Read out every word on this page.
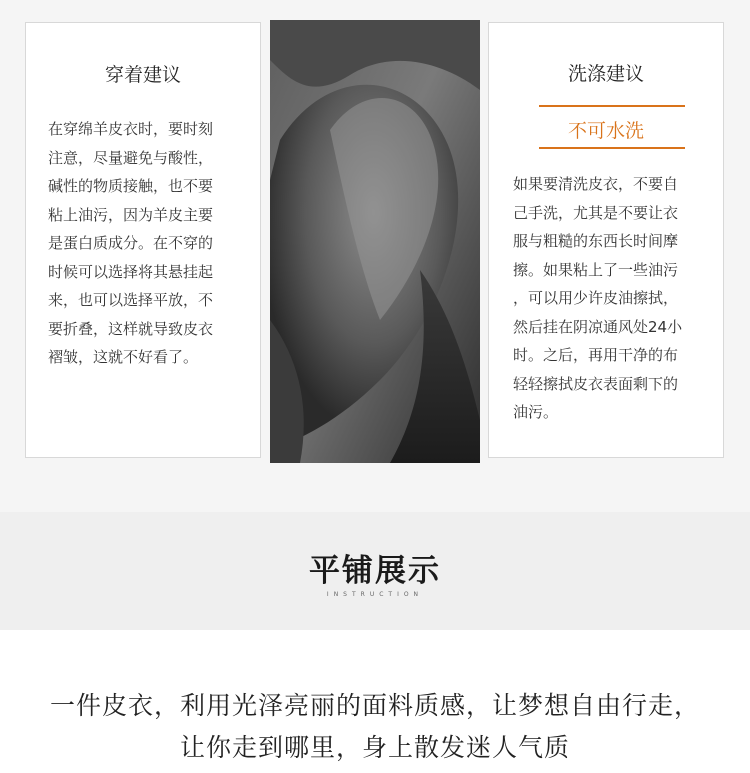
穿着建议
在穿绵羊皮衣时，要时刻
注意，尽量避免与酸性，
碱性的物质接触，也不要
粘上油污，因为羊皮主要
是蛋白质成分。在不穿的
时候可以选择将其悬挂起
来，也可以选择平放，不
要折叠，这样就导致皮衣
褶皱，这就不好看了。
洗涤建议
不可水洗
如果要清洗皮衣，不要自
己手洗，尤其是不要让衣
服与粗糙的东西长时间摩
擦。如果粘上了一些油污
，可以用少许皮油擦拭，
然后挂在阴凉通风处24小
时。之后，再用干净的布
轻轻擦拭皮衣表面剩下的
油污。
平铺展示
INSTRUCTION
一件皮衣，利用光泽亮丽的面料质感，让梦想自由行走，
让你走到哪里，身上散发迷人气质
